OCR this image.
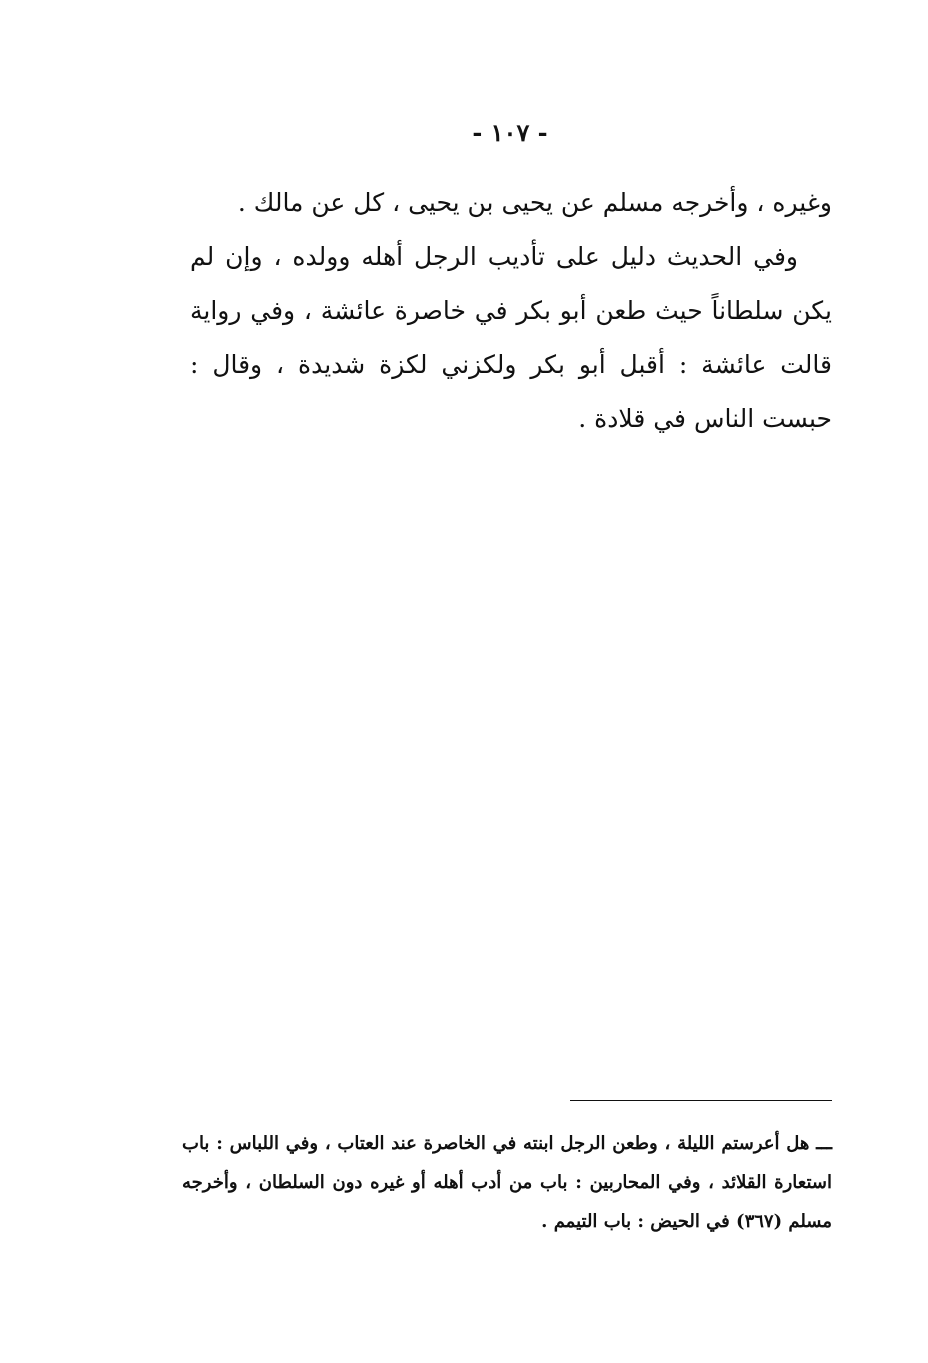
- ١٠٧ -

وغيره ، وأخرجه مسلم عن يحيى بن يحيى ، كل عن مالك .

وفي الحديث دليل على تأديب الرجل أهله وولده ، وإن لم يكن سلطاناً حيث طعن أبو بكر في خاصرة عائشة ، وفي رواية قالت عائشة : أقبل أبو بكر ولكزني لكزة شديدة ، وقال : حبست الناس في قلادة .

ـــ هل أعرستم الليلة ، وطعن الرجل ابنته في الخاصرة عند العتاب ، وفي اللباس : باب استعارة القلائد ، وفي المحاربين : باب من أدب أهله أو غيره دون السلطان ، وأخرجه مسلم (٣٦٧) في الحيض : باب التيمم .
